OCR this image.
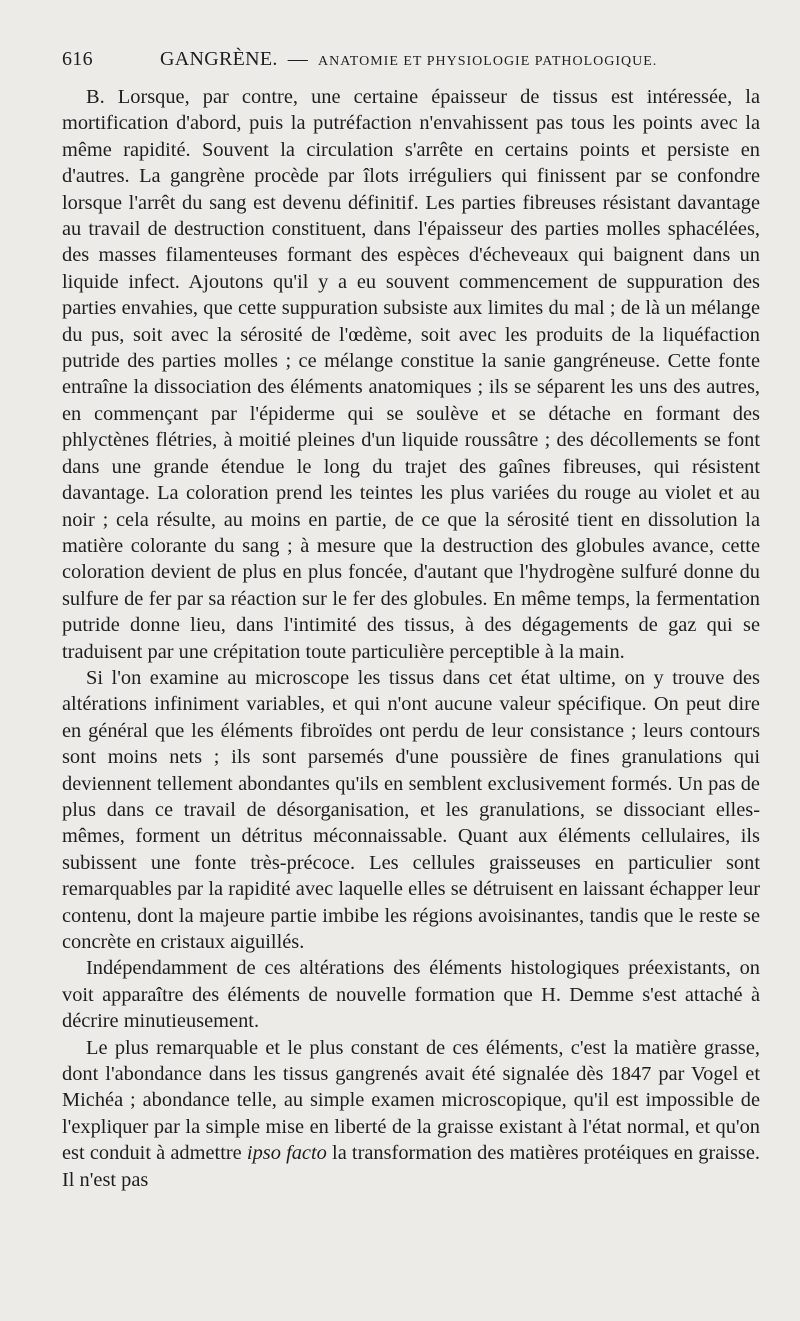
616	GANGRÈNE. — ANATOMIE ET PHYSIOLOGIE PATHOLOGIQUE.

B. Lorsque, par contre, une certaine épaisseur de tissus est intéressée, la mortification d'abord, puis la putréfaction n'envahissent pas tous les points avec la même rapidité. Souvent la circulation s'arrête en certains points et persiste en d'autres. La gangrène procède par îlots irréguliers qui finissent par se confondre lorsque l'arrêt du sang est devenu définitif. Les parties fibreuses résistant davantage au travail de destruction constituent, dans l'épaisseur des parties molles sphacélées, des masses filamenteuses formant des espèces d'écheveaux qui baignent dans un liquide infect. Ajoutons qu'il y a eu souvent commencement de suppuration des parties envahies, que cette suppuration subsiste aux limites du mal ; de là un mélange du pus, soit avec la sérosité de l'œdème, soit avec les produits de la liquéfaction putride des parties molles ; ce mélange constitue la sanie gangréneuse. Cette fonte entraîne la dissociation des éléments anatomiques ; ils se séparent les uns des autres, en commençant par l'épiderme qui se soulève et se détache en formant des phlyctènes flétries, à moitié pleines d'un liquide roussâtre ; des décollements se font dans une grande étendue le long du trajet des gaînes fibreuses, qui résistent davantage. La coloration prend les teintes les plus variées du rouge au violet et au noir ; cela résulte, au moins en partie, de ce que la sérosité tient en dissolution la matière colorante du sang ; à mesure que la destruction des globules avance, cette coloration devient de plus en plus foncée, d'autant que l'hydrogène sulfuré donne du sulfure de fer par sa réaction sur le fer des globules. En même temps, la fermentation putride donne lieu, dans l'intimité des tissus, à des dégagements de gaz qui se traduisent par une crépitation toute particulière perceptible à la main.

Si l'on examine au microscope les tissus dans cet état ultime, on y trouve des altérations infiniment variables, et qui n'ont aucune valeur spécifique. On peut dire en général que les éléments fibroïdes ont perdu de leur consistance ; leurs contours sont moins nets ; ils sont parsemés d'une poussière de fines granulations qui deviennent tellement abondantes qu'ils en semblent exclusivement formés. Un pas de plus dans ce travail de désorganisation, et les granulations, se dissociant elles-mêmes, forment un détritus méconnaissable. Quant aux éléments cellulaires, ils subissent une fonte très-précoce. Les cellules graisseuses en particulier sont remarquables par la rapidité avec laquelle elles se détruisent en laissant échapper leur contenu, dont la majeure partie imbibe les régions avoisinantes, tandis que le reste se concrète en cristaux aiguillés.

Indépendamment de ces altérations des éléments histologiques préexistants, on voit apparaître des éléments de nouvelle formation que H. Demme s'est attaché à décrire minutieusement.

Le plus remarquable et le plus constant de ces éléments, c'est la matière grasse, dont l'abondance dans les tissus gangrenés avait été signalée dès 1847 par Vogel et Michéa ; abondance telle, au simple examen microscopique, qu'il est impossible de l'expliquer par la simple mise en liberté de la graisse existant à l'état normal, et qu'on est conduit à admettre ipso facto la transformation des matières protéiques en graisse. Il n'est pas
